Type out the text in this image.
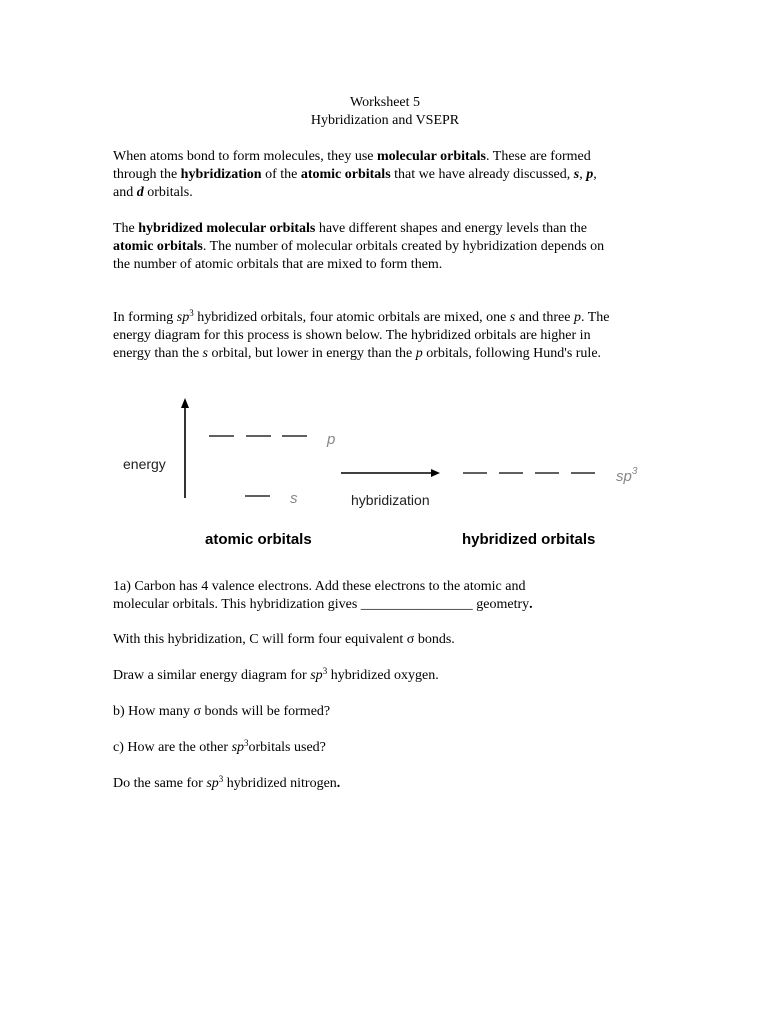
Worksheet 5
Hybridization and VSEPR
When atoms bond to form molecules, they use molecular orbitals. These are formed through the hybridization of the atomic orbitals that we have already discussed, s, p, and d orbitals.
The hybridized molecular orbitals have different shapes and energy levels than the atomic orbitals. The number of molecular orbitals created by hybridization depends on the number of atomic orbitals that are mixed to form them.
In forming $sp^3$ hybridized orbitals, four atomic orbitals are mixed, one s and three p. The energy diagram for this process is shown below. The hybridized orbitals are higher in energy than the s orbital, but lower in energy than the p orbitals, following Hund's rule.
energy
p
s	hybridization
$sp^3$
atomic orbitals	hybridized orbitals
1a) Carbon has 4 valence electrons. Add these electrons to the atomic and molecular orbitals. This hybridization gives ________________ geometry.
With this hybridization, C will form four equivalent σ bonds.
Draw a similar energy diagram for $sp^3$ hybridized oxygen.
b) How many σ bonds will be formed?
c) How are the other $sp^3orbitals$ used?
Do the same for $sp^3$ hybridized nitrogen.
